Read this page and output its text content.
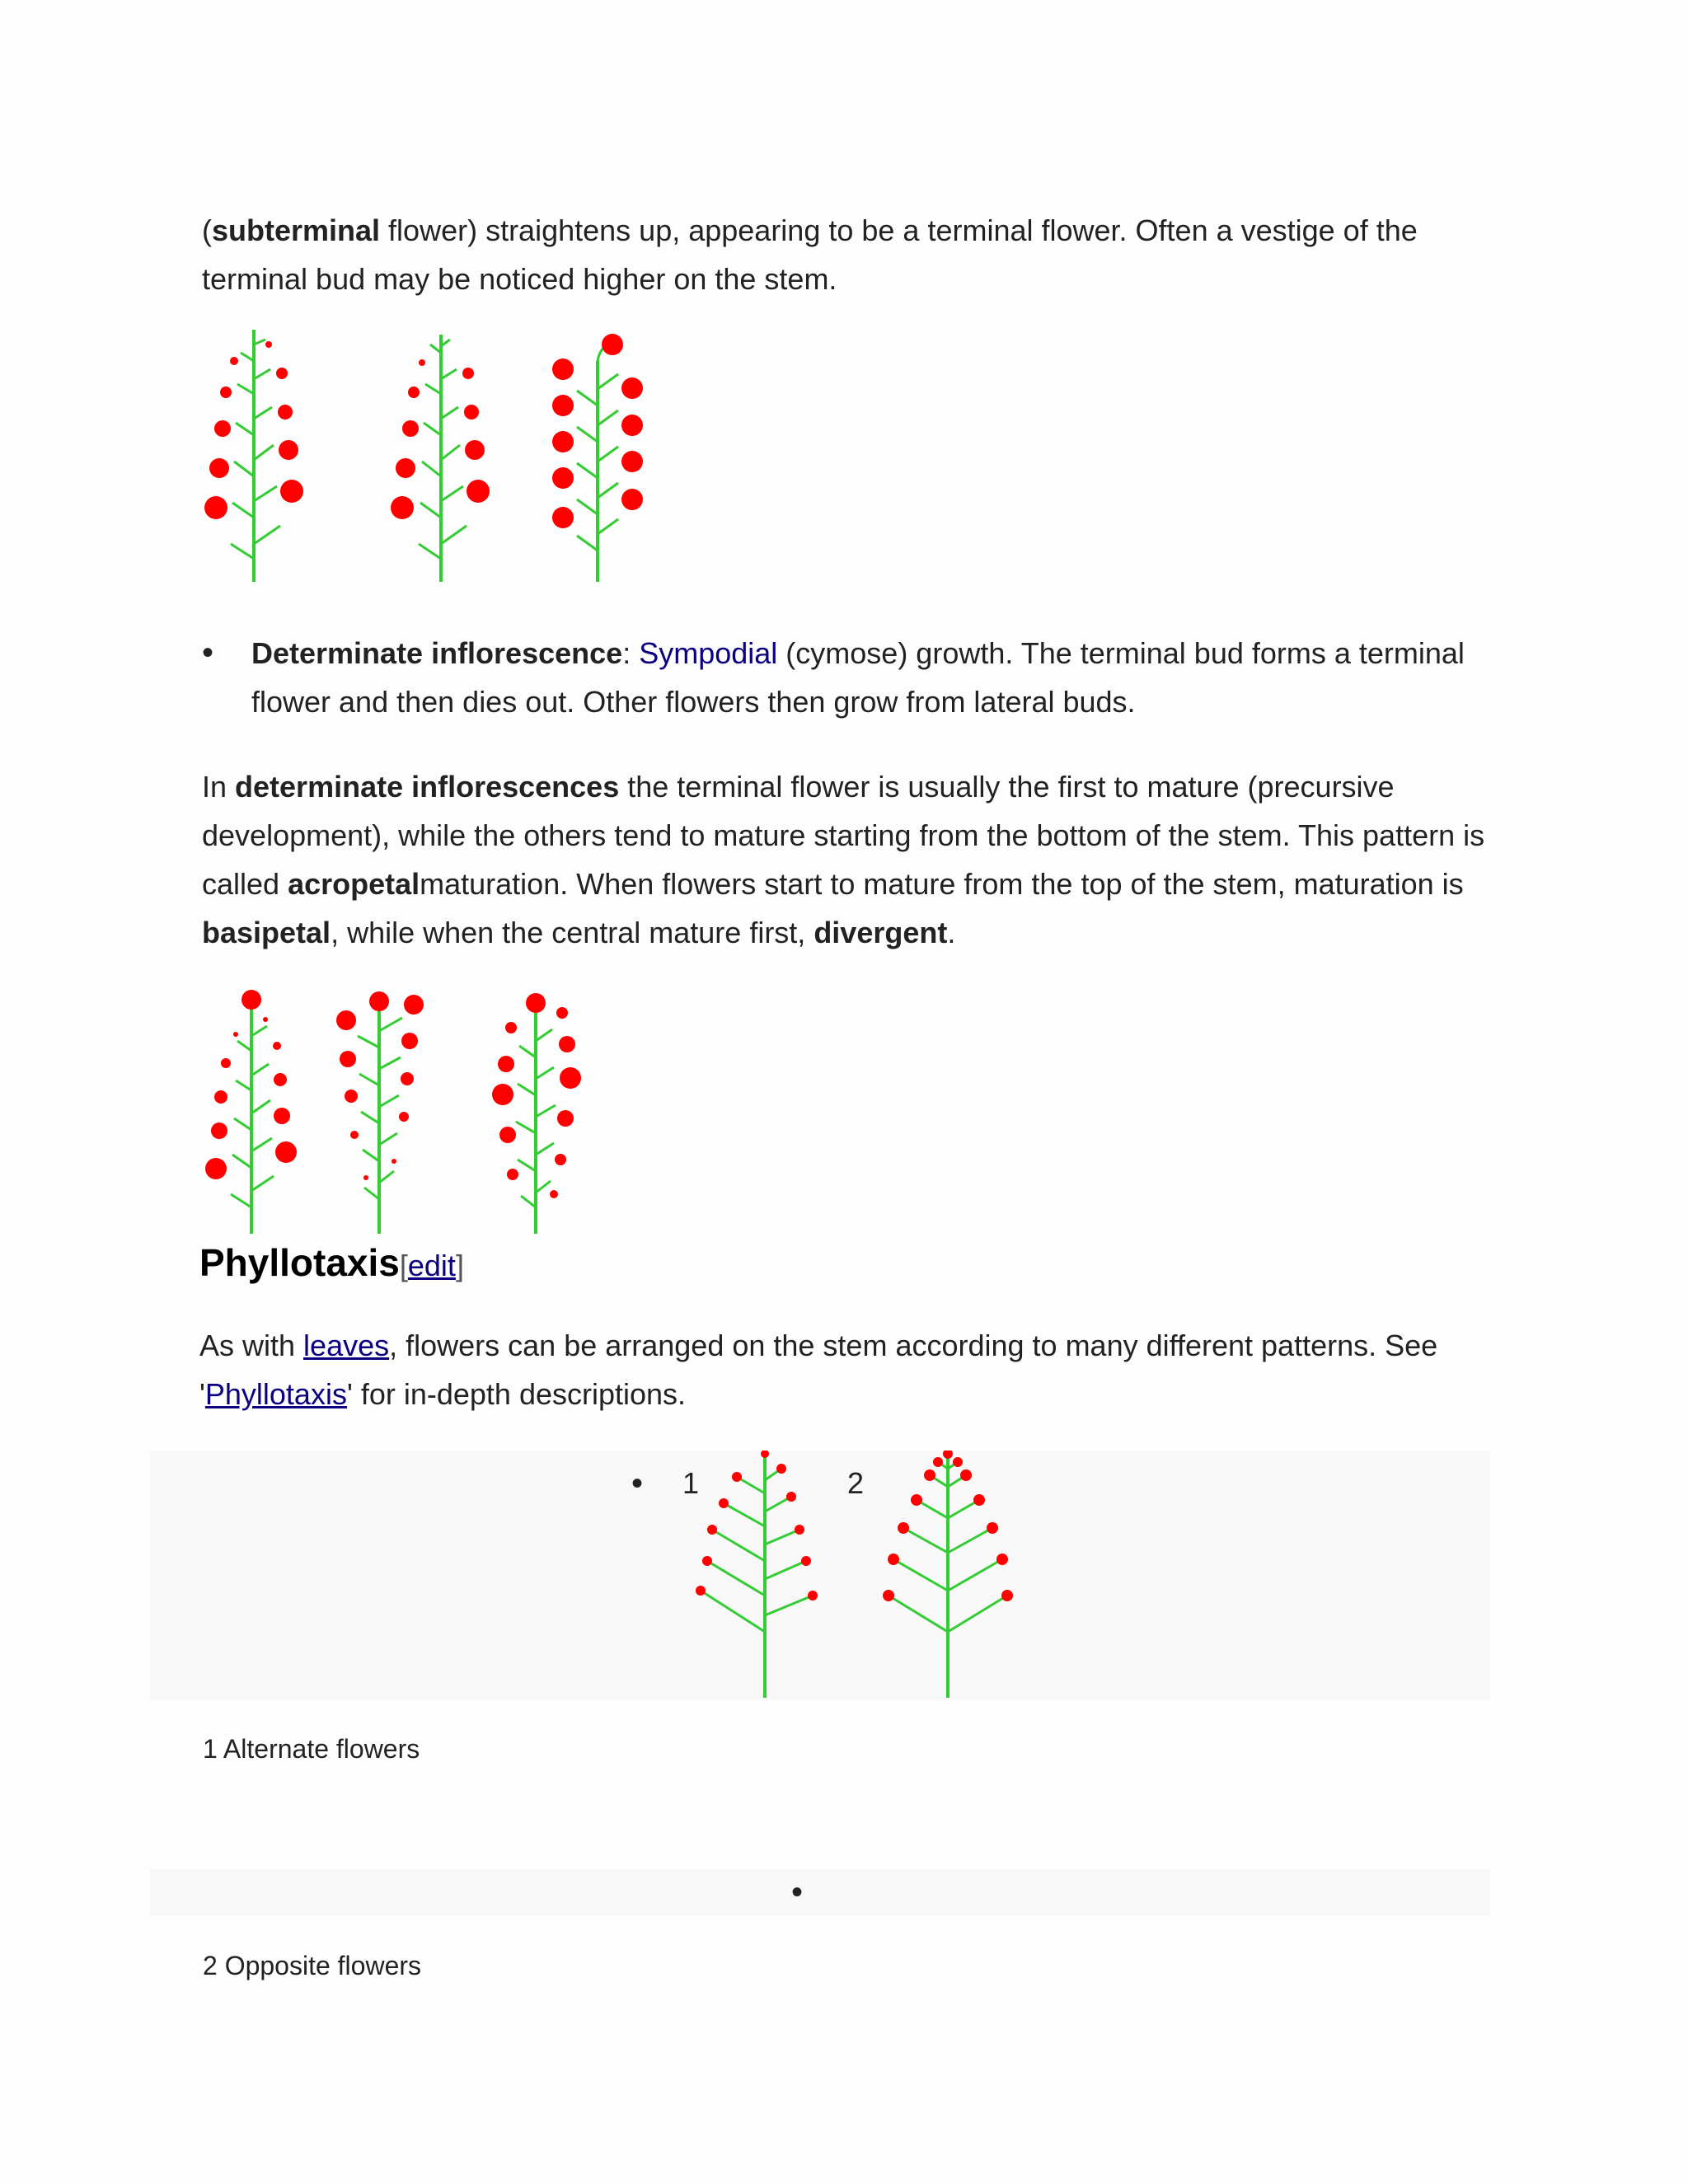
(subterminal flower) straightens up, appearing to be a terminal flower. Often a vestige of the terminal bud may be noticed higher on the stem.

• Determinate inflorescence: Sympodial (cymose) growth. The terminal bud forms a terminal flower and then dies out. Other flowers then grow from lateral buds.

In determinate inflorescences the terminal flower is usually the first to mature (precursive development), while the others tend to mature starting from the bottom of the stem. This pattern is called acropetalmaturation. When flowers start to mature from the top of the stem, maturation is basipetal, while when the central mature first, divergent.

Phyllotaxis[edit]

As with leaves, flowers can be arranged on the stem according to many different patterns. See 'Phyllotaxis' for in-depth descriptions.

• 1	2
1 Alternate flowers
•
2 Opposite flowers
